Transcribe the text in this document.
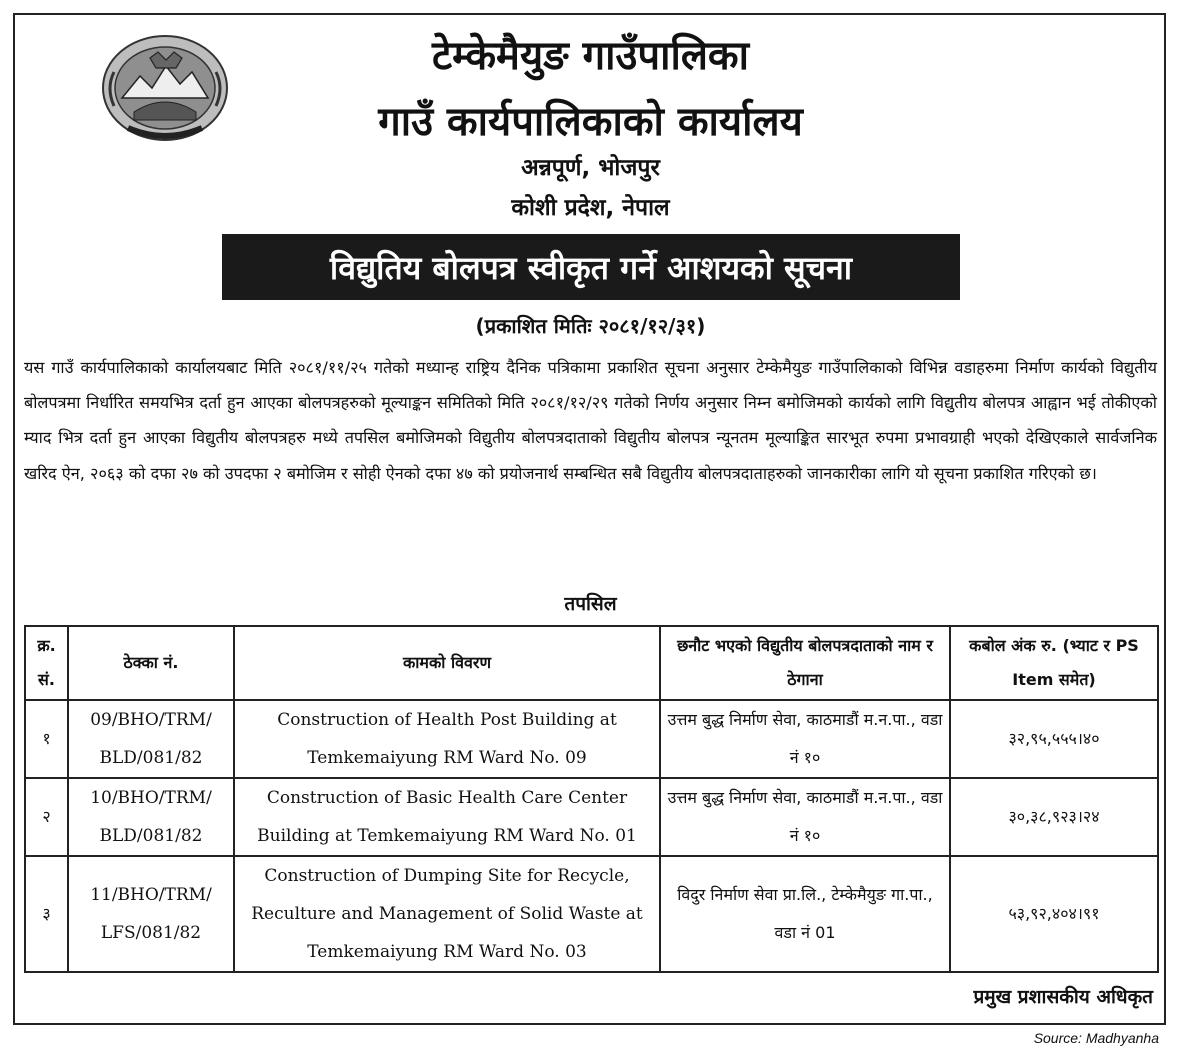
टेम्केमैयुङ गाउँपालिका
गाउँ कार्यपालिकाको कार्यालय
अन्नपूर्ण, भोजपुर
कोशी प्रदेश, नेपाल
विद्युतिय बोलपत्र स्वीकृत गर्ने आशयको सूचना
(प्रकाशित मितिः २०८१/१२/३१)
यस गाउँ कार्यपालिकाको कार्यालयबाट मिति २०८१/११/२५ गतेको मध्यान्ह राष्ट्रिय दैनिक पत्रिकामा प्रकाशित सूचना अनुसार टेम्केमैयुङ गाउँपालिकाको विभिन्न वडाहरुमा निर्माण कार्यको विद्युतीय बोलपत्रमा निर्धारित समयभित्र दर्ता हुन आएका बोलपत्रहरुको मूल्याङ्कन समितिको मिति २०८१/१२/२९ गतेको निर्णय अनुसार निम्न बमोजिमको कार्यको लागि विद्युतीय बोलपत्र आह्वान भई तोकीएको म्याद भित्र दर्ता हुन आएका विद्युतीय बोलपत्रहरु मध्ये तपसिल बमोजिमको विद्युतीय बोलपत्रदाताको विद्युतीय बोलपत्र न्यूनतम मूल्याङ्कित सारभूत रुपमा प्रभावग्राही भएको देखिएकाले सार्वजनिक खरिद ऐन, २०६३ को दफा २७ को उपदफा २ बमोजिम र सोही ऐनको दफा ४७ को प्रयोजनार्थ सम्बन्धित सबै विद्युतीय बोलपत्रदाताहरुको जानकारीका लागि यो सूचना प्रकाशित गरिएको छ।
तपसिल
क्र. सं.	ठेक्का नं.	कामको विवरण	छनौट भएको विद्युतीय बोलपत्रदाताको नाम र ठेगाना	कबोल अंक रु. (भ्याट र PS Item समेत)
१	09/BHO/TRM/ BLD/081/82	Construction of Health Post Building at Temkemaiyung RM Ward No. 09	उत्तम बुद्ध निर्माण सेवा, काठमाडौं म.न.पा., वडा नं १०	३२,९५,५५५।४०
२	10/BHO/TRM/ BLD/081/82	Construction of Basic Health Care Center Building at Temkemaiyung RM Ward No. 01	उत्तम बुद्ध निर्माण सेवा, काठमाडौं म.न.पा., वडा नं १०	३०,३८,९२३।२४
३	11/BHO/TRM/ LFS/081/82	Construction of Dumping Site for Recycle, Reculture and Management of Solid Waste at Temkemaiyung RM Ward No. 03	विदुर निर्माण सेवा प्रा.लि., टेम्केमैयुङ गा.पा., वडा नं 01	५३,९२,४०४।९१
प्रमुख प्रशासकीय अधिकृत
Source: Madhyanha
